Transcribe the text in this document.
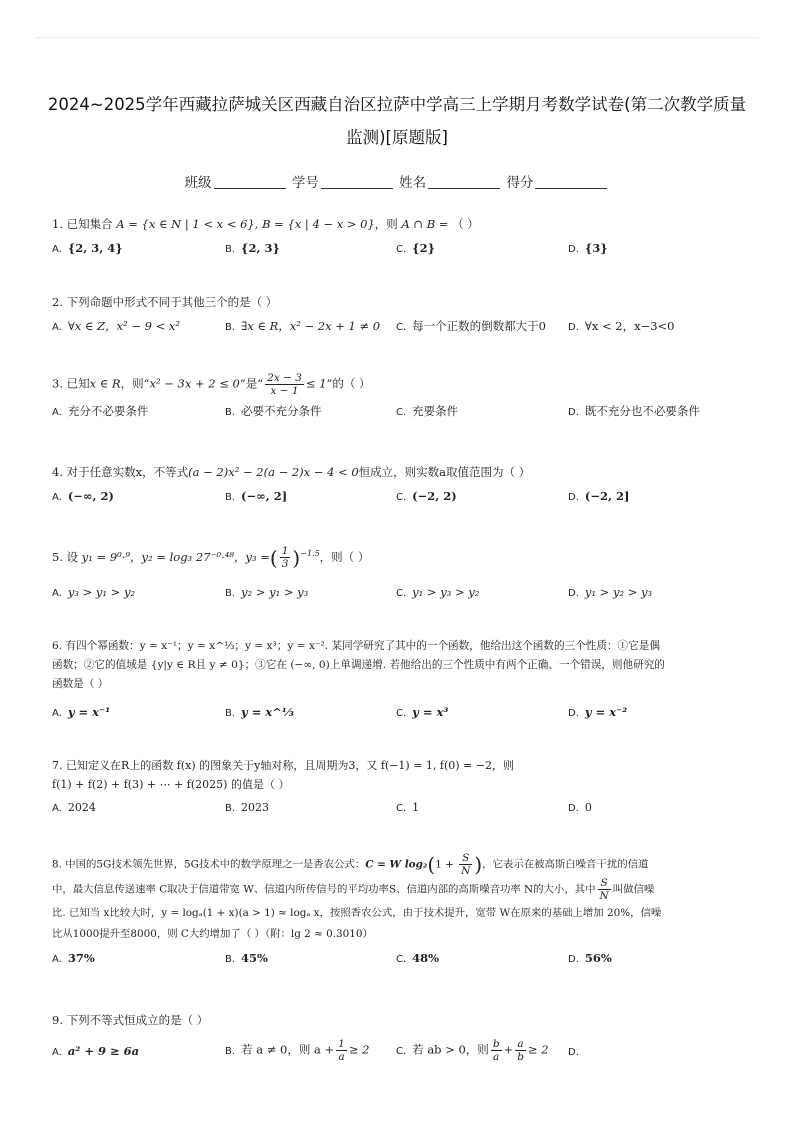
2024~2025学年西藏拉萨城关区西藏自治区拉萨中学高三上学期月考数学试卷(第二次教学质量监测)[原题版]
班级	学号	姓名	得分
1. 已知集合 A = {x ∈ N | 1 < x < 6}, B = {x | 4 − x > 0}，则 A ∩ B = （ ）
A. {2, 3, 4}	B. {2, 3}	C. {2}	D. {3}
2. 下列命题中形式不同于其他三个的是（ ）
A. ∀x ∈ Z，x² − 9 < x²	B. ∃x ∈ R，x² − 2x + 1 ≠ 0 C. 每一个正数的倒数都大于0 D. ∀x < 2，x−3<0
3. 已知x ∈ R，则“x² − 3x + 2 ≤ 0”是“ $\frac{2x - 3}{x - 1} \le 1$”的（ ）
A. 充分不必要条件	B. 必要不充分条件	C. 充要条件	D. 既不充分也不必要条件
4. 对于任意实数x，不等式(a − 2)x² − 2(a − 2)x − 4 < 0恒成立，则实数a取值范围为（ ）
A. (−∞, 2)	B. (−∞, 2]	C. (−2, 2)	D. (−2, 2]
5. 设 y₁ = 9⁰·⁹，y₂ = log₃ 27⁻⁰·⁴⁸，y₃ =( $\frac{1}{3} )^{-1.5}$，则（ ）
A. y₃ > y₁ > y₂	B. y₂ > y₁ > y₃	C. y₁ > y₃ > y₂	D. y₁ > y₂ > y₃
6. 有四个幂函数：y = x⁻¹；y = x^⅓；y = x³；y = x⁻². 某同学研究了其中的一个函数，他给出这个函数的三个性质：①它是偶
函数；②它的值域是 {y|y ∈ R且 y ≠ 0}；③它在 (−∞, 0)上单调递增. 若他给出的三个性质中有两个正确、一个错误，则他研究的
函数是（ ）
A. y = x⁻¹	B. y = x^⅓	C. y = x³	D. y = x⁻²
7. 已知定义在R上的函数 f(x) 的图象关于y轴对称，且周期为3，又 f(−1) = 1, f(0) = −2，则
f(1) + f(2) + f(3) + ⋯ + f(2025) 的值是（ ）
A. 2024	B. 2023	C. 1	D. 0
8. 中国的5G技术领先世界，5G技术中的数学原理之一是香农公式：C = W $\log_2(1 + \frac{S}{N}$ )，它表示在被高斯白噪音干扰的信道
中，最大信息传送速率 C取决于信道带宽 W、信道内所传信号的平均功率S、信道内部的高斯噪音功率 N的大小，其中 $\frac{S}{N}$ 叫做信噪
比. 已知当 x比较大时，y = logₐ(1 + x)(a > 1) ≈ logₐ x，按照香农公式，由于技术提升，宽带 W在原来的基础上增加 20%，信噪
比从1000提升至8000，则 C大约增加了（ ）（附：lg 2 ≈ 0.3010）
A. 37%	B. 45%	C. 48%	D. 56%
9. 下列不等式恒成立的是（ ）
A. a² + 9 ≥ 6a	B. 若 a ≠ 0，则 $a + \frac{1}{a} \ge 2$	C. 若 ab > 0，则 $\frac{b}{a} + \frac{a}{b} \ge 2$ D.
